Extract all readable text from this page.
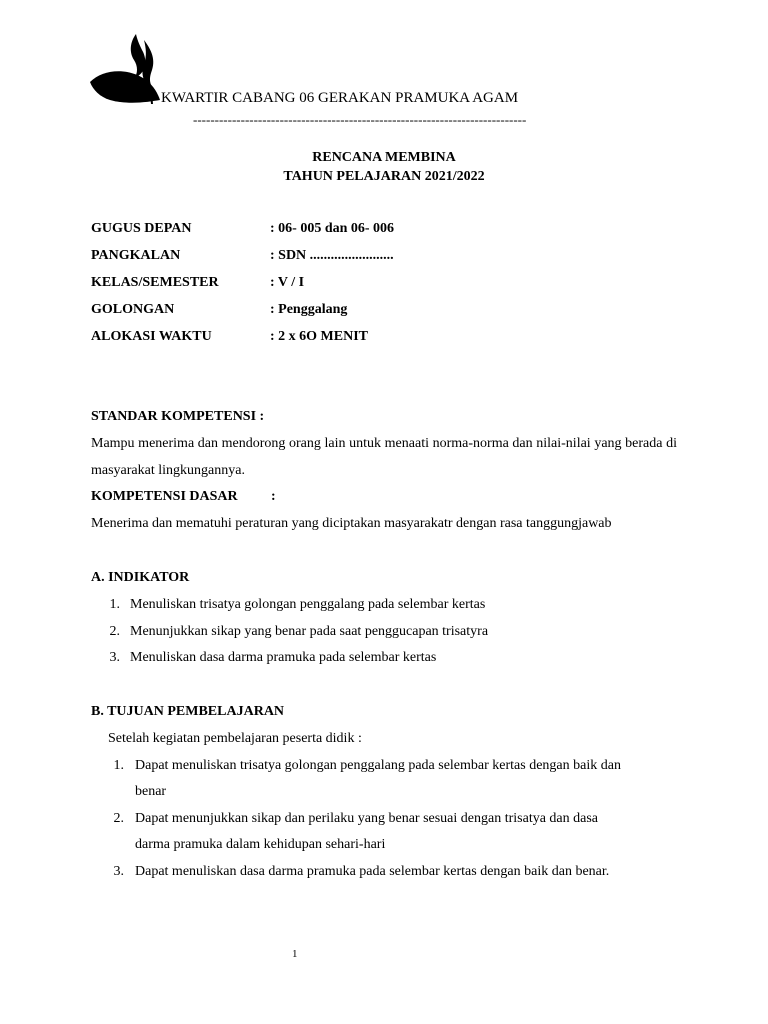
KWARTIR CABANG 06 GERAKAN PRAMUKA AGAM
-----------------------------------------------------------------------------
RENCANA MEMBINA
TAHUN PELAJARAN 2021/2022
GUGUS DEPAN	: 06- 005 dan 06- 006
PANGKALAN	: SDN ........................
KELAS/SEMESTER	: V / I
GOLONGAN	: Penggalang
ALOKASI WAKTU	: 2 x 6O MENIT
STANDAR KOMPETENSI :
Mampu menerima dan mendorong orang lain untuk menaati norma-norma dan nilai-nilai yang berada di masyarakat lingkungannya.
KOMPETENSI DASAR :
Menerima dan mematuhi peraturan yang diciptakan masyarakatr dengan rasa tanggungjawab
A. INDIKATOR
1. Menuliskan trisatya golongan penggalang pada selembar kertas
2. Menunjukkan sikap yang benar pada saat penggucapan trisatyra
3. Menuliskan dasa darma pramuka pada selembar kertas
B. TUJUAN PEMBELAJARAN
Setelah kegiatan pembelajaran peserta didik :
1. Dapat menuliskan trisatya golongan penggalang pada selembar kertas dengan baik dan
benar
2. Dapat menunjukkan sikap dan perilaku yang benar sesuai dengan trisatya dan dasa
darma pramuka dalam kehidupan sehari-hari
3. Dapat menuliskan dasa darma pramuka pada selembar kertas dengan baik dan benar.
1
